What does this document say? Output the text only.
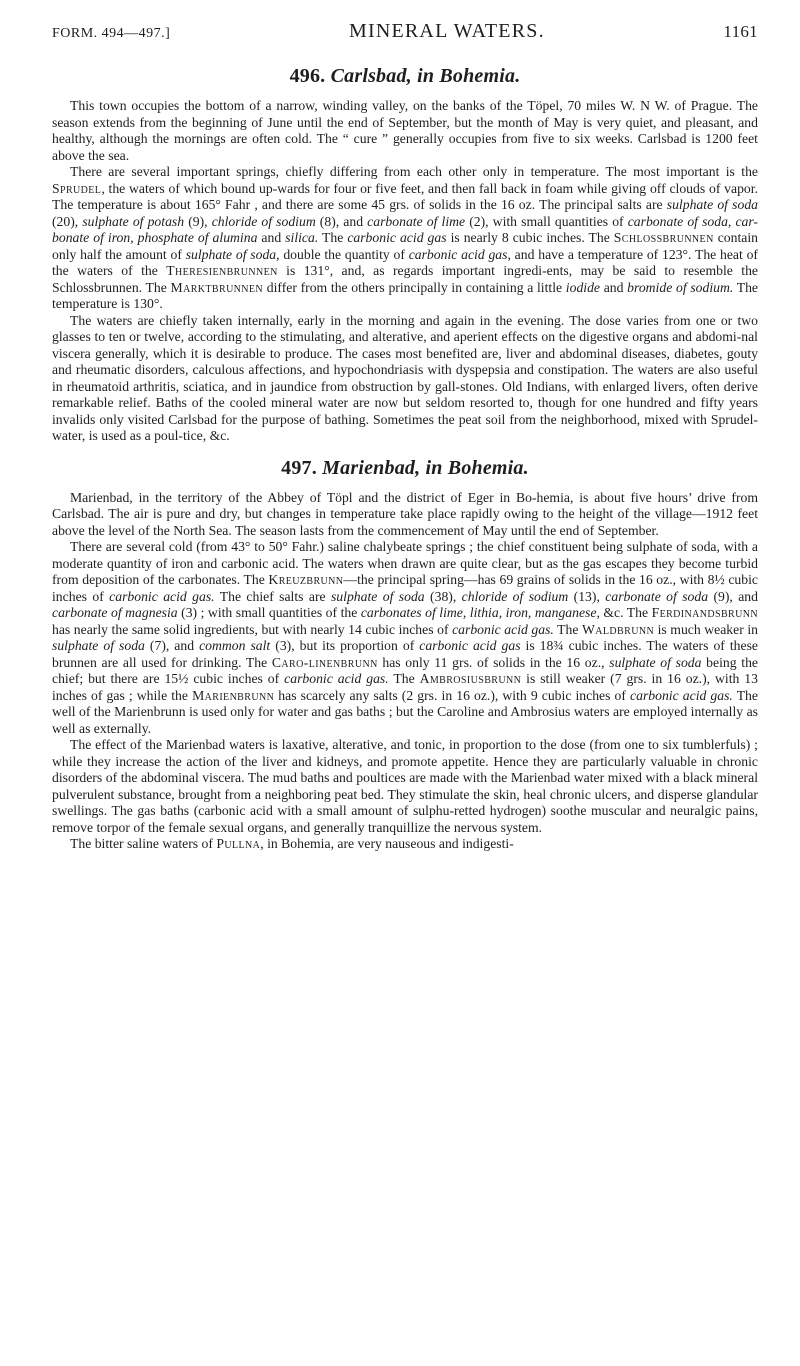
FORM. 494—497.]	MINERAL WATERS.	1161
496. Carlsbad, in Bohemia.

This town occupies the bottom of a narrow, winding valley, on the banks of the Töpel, 70 miles W. N W. of Prague. The season extends from the beginning of June until the end of September, but the month of May is very quiet, and pleasant, and healthy, although the mornings are often cold. The “ cure ” generally occupies from five to six weeks. Carlsbad is 1200 feet above the sea.

There are several important springs, chiefly differing from each other only in temperature. The most important is the Sprudel, the waters of which bound up-wards for four or five feet, and then fall back in foam while giving off clouds of vapor. The temperature is about 165° Fahr , and there are some 45 grs. of solids in the 16 oz. The principal salts are sulphate of soda (20), sulphate of potash (9), chloride of sodium (8), and carbonate of lime (2), with small quantities of carbonate of soda, car-bonate of iron, phosphate of alumina and silica. The carbonic acid gas is nearly 8 cubic inches. The Schlossbrunnen contain only half the amount of sulphate of soda, double the quantity of carbonic acid gas, and have a temperature of 123°. The heat of the waters of the Theresienbrunnen is 131°, and, as regards important ingredi-ents, may be said to resemble the Schlossbrunnen. The Marktbrunnen differ from the others principally in containing a little iodide and bromide of sodium. The temperature is 130°.

The waters are chiefly taken internally, early in the morning and again in the evening. The dose varies from one or two glasses to ten or twelve, according to the stimulating, and alterative, and aperient effects on the digestive organs and abdomi-nal viscera generally, which it is desirable to produce. The cases most benefited are, liver and abdominal diseases, diabetes, gouty and rheumatic disorders, calculous affections, and hypochondriasis with dyspepsia and constipation. The waters are also useful in rheumatoid arthritis, sciatica, and in jaundice from obstruction by gall-stones. Old Indians, with enlarged livers, often derive remarkable relief. Baths of the cooled mineral water are now but seldom resorted to, though for one hundred and fifty years invalids only visited Carlsbad for the purpose of bathing. Sometimes the peat soil from the neighborhood, mixed with Sprudel-water, is used as a poul-tice, &c.

497. Marienbad, in Bohemia.

Marienbad, in the territory of the Abbey of Töpl and the district of Eger in Bo-hemia, is about five hours’ drive from Carlsbad. The air is pure and dry, but changes in temperature take place rapidly owing to the height of the village—1912 feet above the level of the North Sea. The season lasts from the commencement of May until the end of September.

There are several cold (from 43° to 50° Fahr.) saline chalybeate springs ; the chief constituent being sulphate of soda, with a moderate quantity of iron and carbonic acid. The waters when drawn are quite clear, but as the gas escapes they become turbid from deposition of the carbonates. The Kreuzbrunn—the principal spring—has 69 grains of solids in the 16 oz., with 8½ cubic inches of carbonic acid gas. The chief salts are sulphate of soda (38), chloride of sodium (13), carbonate of soda (9), and carbonate of magnesia (3) ; with small quantities of the carbonates of lime, lithia, iron, manganese, &c. The Ferdinandsbrunn has nearly the same solid ingredients, but with nearly 14 cubic inches of carbonic acid gas. The Waldbrunn is much weaker in sulphate of soda (7), and common salt (3), but its proportion of carbonic acid gas is 18¾ cubic inches. The waters of these brunnen are all used for drinking. The Caro-linenbrunn has only 11 grs. of solids in the 16 oz., sulphate of soda being the chief; but there are 15½ cubic inches of carbonic acid gas. The Ambrosiusbrunn is still weaker (7 grs. in 16 oz.), with 13 inches of gas ; while the Marienbrunn has scarcely any salts (2 grs. in 16 oz.), with 9 cubic inches of carbonic acid gas. The well of the Marienbrunn is used only for water and gas baths ; but the Caroline and Ambrosius waters are employed internally as well as externally.

The effect of the Marienbad waters is laxative, alterative, and tonic, in proportion to the dose (from one to six tumblerfuls) ; while they increase the action of the liver and kidneys, and promote appetite. Hence they are particularly valuable in chronic disorders of the abdominal viscera. The mud baths and poultices are made with the Marienbad water mixed with a black mineral pulverulent substance, brought from a neighboring peat bed. They stimulate the skin, heal chronic ulcers, and disperse glandular swellings. The gas baths (carbonic acid with a small amount of sulphu-retted hydrogen) soothe muscular and neuralgic pains, remove torpor of the female sexual organs, and generally tranquillize the nervous system.

The bitter saline waters of Pullna, in Bohemia, are very nauseous and indigesti-
